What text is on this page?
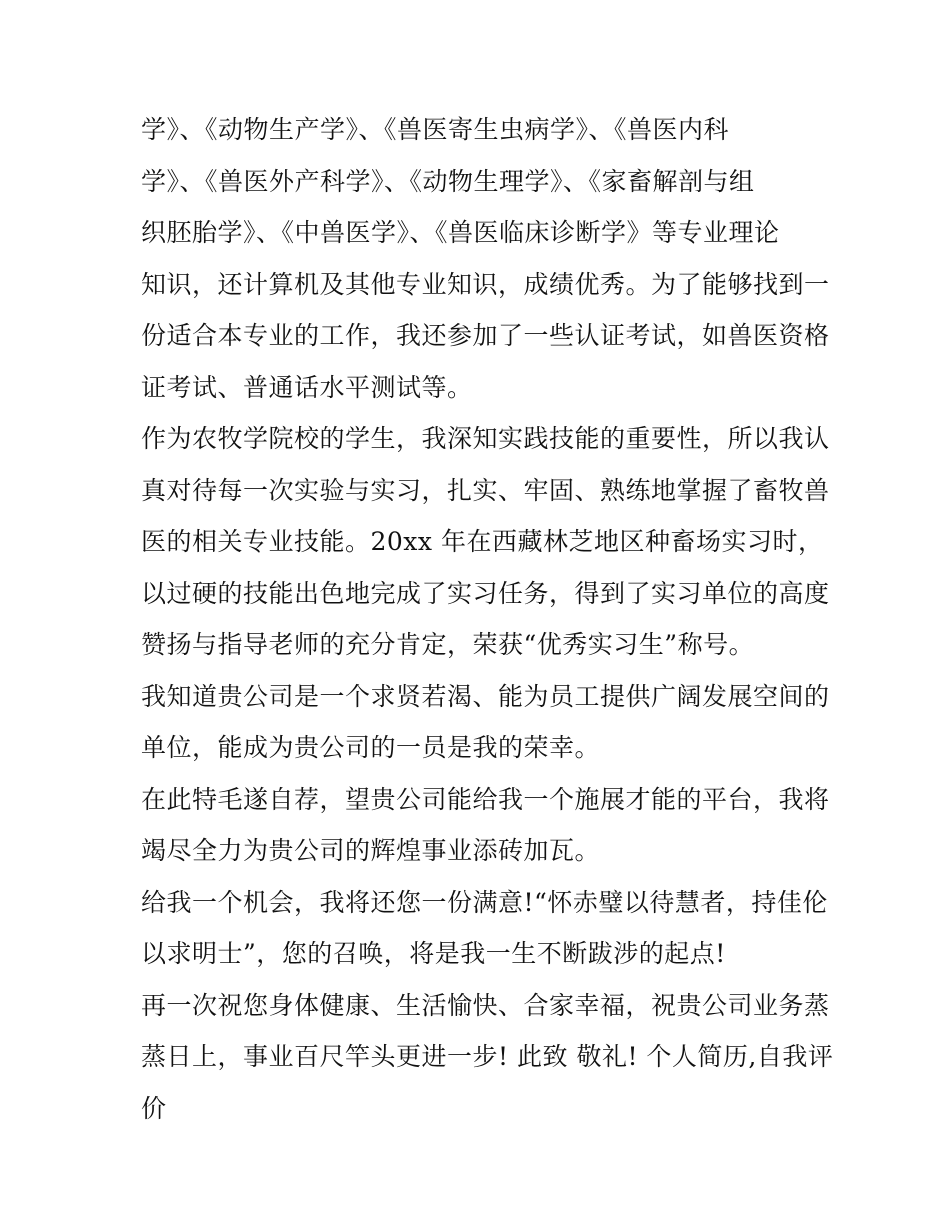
学》、《动物生产学》、《兽医寄生虫病学》、《兽医内科
学》、《兽医外产科学》、《动物生理学》、《家畜解剖与组
织胚胎学》、《中兽医学》、《兽医临床诊断学》等专业理论
知识，还计算机及其他专业知识，成绩优秀。为了能够找到一
份适合本专业的工作，我还参加了一些认证考试，如兽医资格
证考试、普通话水平测试等。
作为农牧学院校的学生，我深知实践技能的重要性，所以我认
真对待每一次实验与实习，扎实、牢固、熟练地掌握了畜牧兽
医的相关专业技能。20xx 年在西藏林芝地区种畜场实习时，
以过硬的技能出色地完成了实习任务，得到了实习单位的高度
赞扬与指导老师的充分肯定，荣获“优秀实习生”称号。
我知道贵公司是一个求贤若渴、能为员工提供广阔发展空间的
单位，能成为贵公司的一员是我的荣幸。
在此特毛遂自荐，望贵公司能给我一个施展才能的平台，我将
竭尽全力为贵公司的辉煌事业添砖加瓦。
给我一个机会，我将还您一份满意!“怀赤璧以待慧者，持佳伦
以求明士”，您的召唤，将是我一生不断跋涉的起点!
再一次祝您身体健康、生活愉快、合家幸福，祝贵公司业务蒸
蒸日上，事业百尺竿头更进一步! 此致 敬礼! 个人简历,自我评
价
